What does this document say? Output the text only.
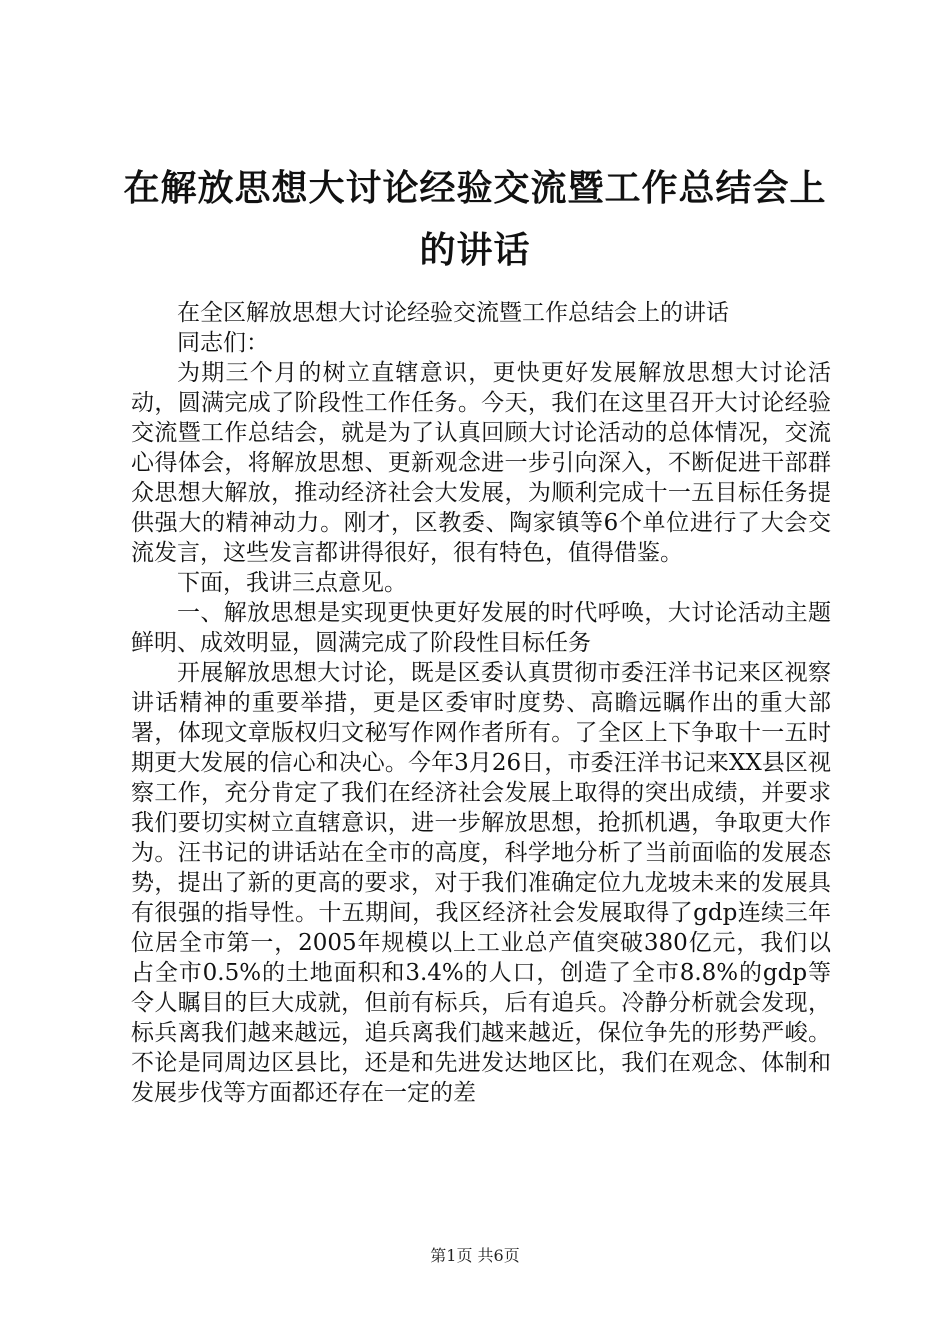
在解放思想大讨论经验交流暨工作总结会上的讲话

在全区解放思想大讨论经验交流暨工作总结会上的讲话

同志们：

为期三个月的树立直辖意识，更快更好发展解放思想大讨论活动，圆满完成了阶段性工作任务。今天，我们在这里召开大讨论经验交流暨工作总结会，就是为了认真回顾大讨论活动的总体情况，交流心得体会，将解放思想、更新观念进一步引向深入，不断促进干部群众思想大解放，推动经济社会大发展，为顺利完成十一五目标任务提供强大的精神动力。刚才，区教委、陶家镇等6个单位进行了大会交流发言，这些发言都讲得很好，很有特色，值得借鉴。

下面，我讲三点意见。

一、解放思想是实现更快更好发展的时代呼唤，大讨论活动主题鲜明、成效明显，圆满完成了阶段性目标任务

开展解放思想大讨论，既是区委认真贯彻市委汪洋书记来区视察讲话精神的重要举措，更是区委审时度势、高瞻远瞩作出的重大部署，体现文章版权归文秘写作网作者所有。了全区上下争取十一五时期更大发展的信心和决心。今年3月26日，市委汪洋书记来XX县区视察工作，充分肯定了我们在经济社会发展上取得的突出成绩，并要求我们要切实树立直辖意识，进一步解放思想，抢抓机遇，争取更大作为。汪书记的讲话站在全市的高度，科学地分析了当前面临的发展态势，提出了新的更高的要求，对于我们准确定位九龙坡未来的发展具有很强的指导性。十五期间，我区经济社会发展取得了gdp连续三年位居全市第一，2005年规模以上工业总产值突破380亿元，我们以占全市0.5%的土地面积和3.4%的人口，创造了全市8.8%的gdp等令人瞩目的巨大成就，但前有标兵，后有追兵。冷静分析就会发现，标兵离我们越来越远，追兵离我们越来越近，保位争先的形势严峻。不论是同周边区县比，还是和先进发达地区比，我们在观念、体制和发展步伐等方面都还存在一定的差

第1页 共6页
